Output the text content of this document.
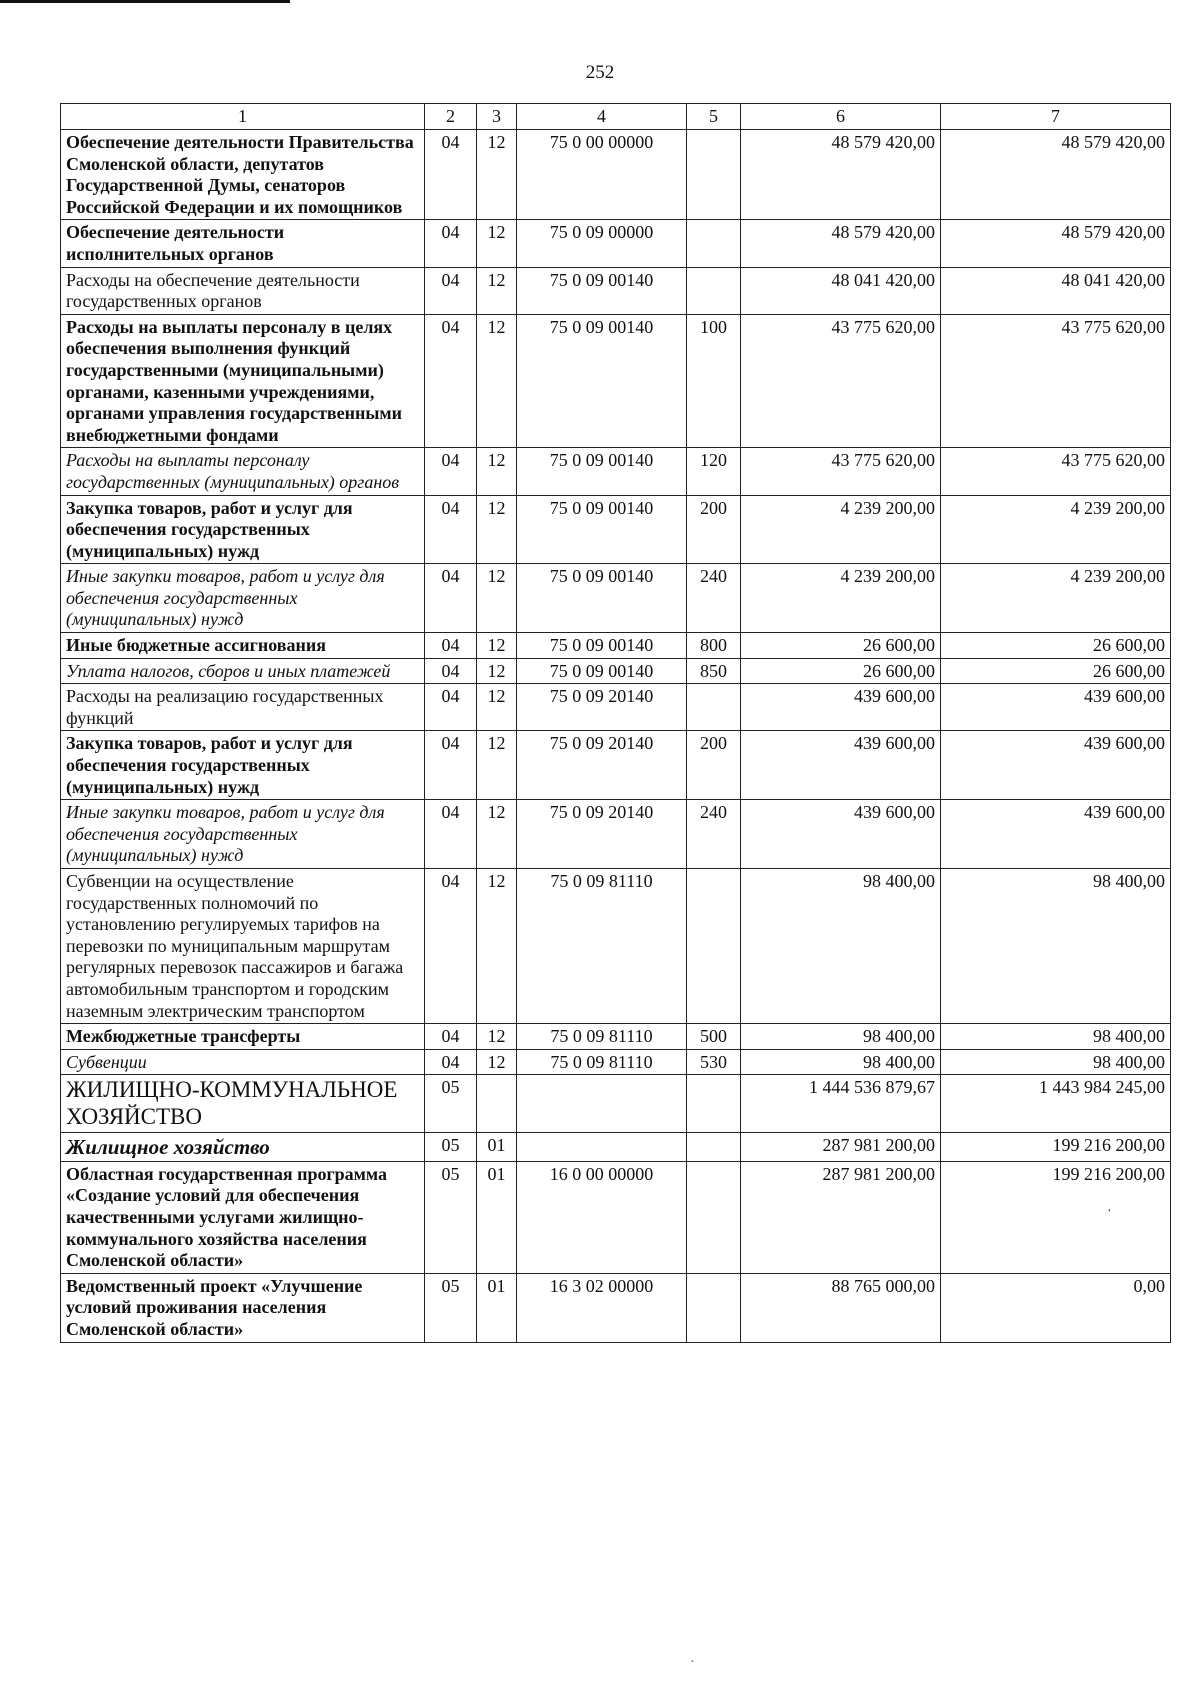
252
1	2	3	4	5	6	7
Обеспечение деятельности Правительства Смоленской области, депутатов Государственной Думы, сенаторов Российской Федерации и их помощников	04	12	75 0 00 00000		48 579 420,00	48 579 420,00
Обеспечение деятельности исполнительных органов	04	12	75 0 09 00000		48 579 420,00	48 579 420,00
Расходы на обеспечение деятельности государственных органов	04	12	75 0 09 00140		48 041 420,00	48 041 420,00
Расходы на выплаты персоналу в целях обеспечения выполнения функций государственными (муниципальными) органами, казенными учреждениями, органами управления государственными внебюджетными фондами	04	12	75 0 09 00140	100	43 775 620,00	43 775 620,00
Расходы на выплаты персоналу государственных (муниципальных) органов	04	12	75 0 09 00140	120	43 775 620,00	43 775 620,00
Закупка товаров, работ и услуг для обеспечения государственных (муниципальных) нужд	04	12	75 0 09 00140	200	4 239 200,00	4 239 200,00
Иные закупки товаров, работ и услуг для обеспечения государственных (муниципальных) нужд	04	12	75 0 09 00140	240	4 239 200,00	4 239 200,00
Иные бюджетные ассигнования	04	12	75 0 09 00140	800	26 600,00	26 600,00
Уплата налогов, сборов и иных платежей	04	12	75 0 09 00140	850	26 600,00	26 600,00
Расходы на реализацию государственных функций	04	12	75 0 09 20140		439 600,00	439 600,00
Закупка товаров, работ и услуг для обеспечения государственных (муниципальных) нужд	04	12	75 0 09 20140	200	439 600,00	439 600,00
Иные закупки товаров, работ и услуг для обеспечения государственных (муниципальных) нужд	04	12	75 0 09 20140	240	439 600,00	439 600,00
Субвенции на осуществление государственных полномочий по установлению регулируемых тарифов на перевозки по муниципальным маршрутам регулярных перевозок пассажиров и багажа автомобильным транспортом и городским наземным электрическим транспортом	04	12	75 0 09 81110		98 400,00	98 400,00
Межбюджетные трансферты	04	12	75 0 09 81110	500	98 400,00	98 400,00
Субвенции	04	12	75 0 09 81110	530	98 400,00	98 400,00
ЖИЛИЩНО-КОММУНАЛЬНОЕ ХОЗЯЙСТВО	05				1 444 536 879,67	1 443 984 245,00
Жилищное хозяйство	05	01			287 981 200,00	199 216 200,00
Областная государственная программа «Создание условий для обеспечения качественными услугами жилищно-коммунального хозяйства населения Смоленской области»	05	01	16 0 00 00000		287 981 200,00	199 216 200,00
Ведомственный проект «Улучшение условий проживания населения Смоленской области»	05	01	16 3 02 00000		88 765 000,00	0,00
'
·
